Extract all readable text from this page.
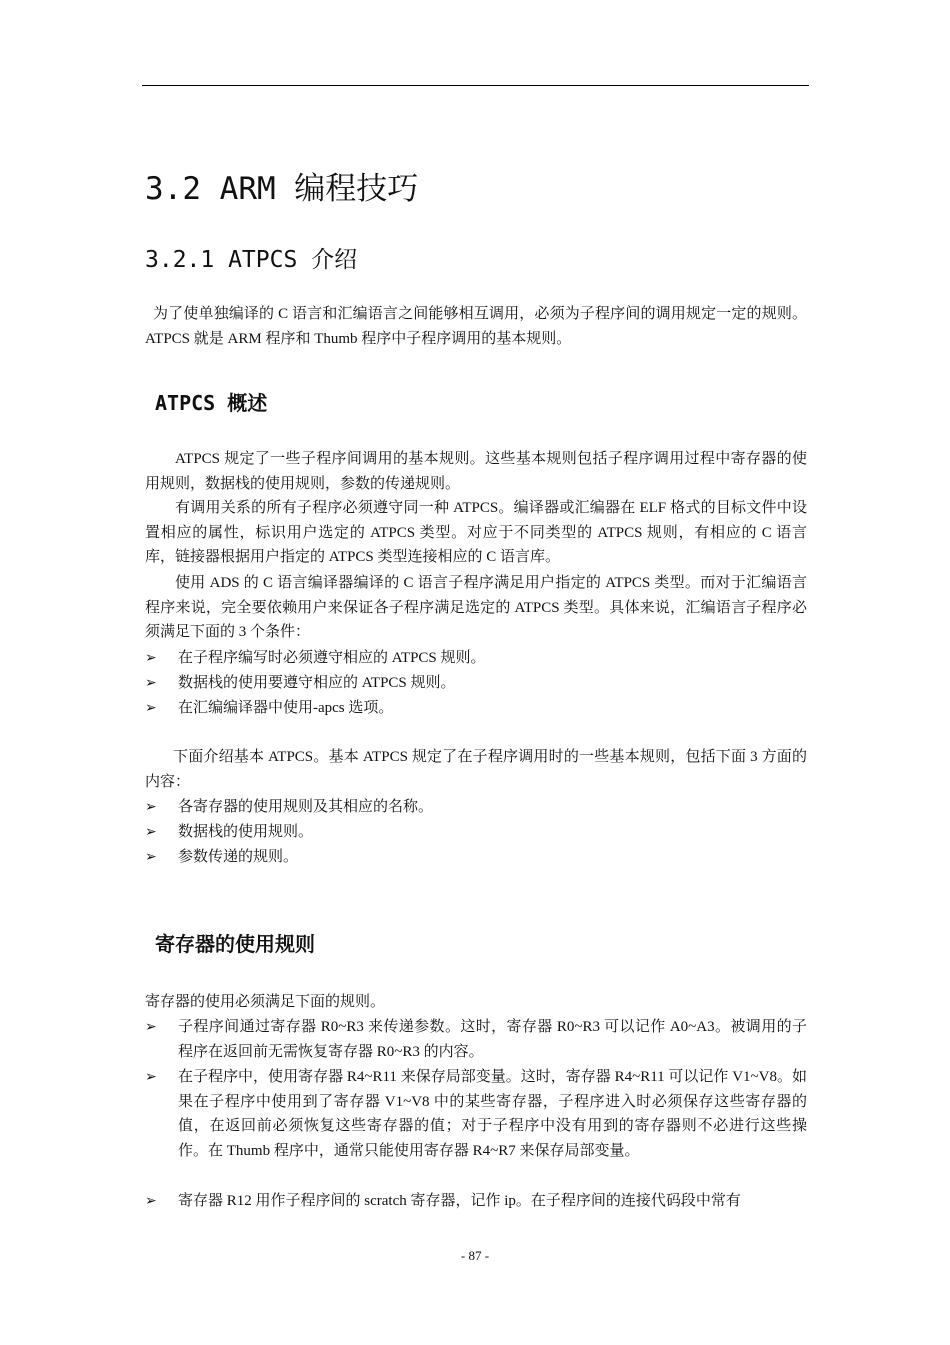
3.2 ARM 编程技巧
3.2.1 ATPCS 介绍

为了使单独编译的 C 语言和汇编语言之间能够相互调用，必须为子程序间的调用规定一定的规则。ATPCS 就是 ARM 程序和 Thumb 程序中子程序调用的基本规则。

ATPCS 概述

ATPCS 规定了一些子程序间调用的基本规则。这些基本规则包括子程序调用过程中寄存器的使用规则，数据栈的使用规则，参数的传递规则。

有调用关系的所有子程序必须遵守同一种 ATPCS。编译器或汇编器在 ELF 格式的目标文件中设置相应的属性，标识用户选定的 ATPCS 类型。对应于不同类型的 ATPCS 规则，有相应的 C 语言库，链接器根据用户指定的 ATPCS 类型连接相应的 C 语言库。

使用 ADS 的 C 语言编译器编译的 C 语言子程序满足用户指定的 ATPCS 类型。而对于汇编语言程序来说，完全要依赖用户来保证各子程序满足选定的 ATPCS 类型。具体来说，汇编语言子程序必须满足下面的 3 个条件：

➢	在子程序编写时必须遵守相应的 ATPCS 规则。
➢	数据栈的使用要遵守相应的 ATPCS 规则。
➢	在汇编编译器中使用-apcs 选项。

下面介绍基本 ATPCS。基本 ATPCS 规定了在子程序调用时的一些基本规则，包括下面 3 方面的内容：

➢	各寄存器的使用规则及其相应的名称。
➢	数据栈的使用规则。
➢	参数传递的规则。
寄存器的使用规则

寄存器的使用必须满足下面的规则。

➢	子程序间通过寄存器 R0~R3 来传递参数。这时，寄存器 R0~R3 可以记作 A0~A3。被调用的子程序在返回前无需恢复寄存器 R0~R3 的内容。
➢	在子程序中，使用寄存器 R4~R11 来保存局部变量。这时，寄存器 R4~R11 可以记作 V1~V8。如果在子程序中使用到了寄存器 V1~V8 中的某些寄存器，子程序进入时必须保存这些寄存器的值，在返回前必须恢复这些寄存器的值；对于子程序中没有用到的寄存器则不必进行这些操作。在 Thumb 程序中，通常只能使用寄存器 R4~R7 来保存局部变量。
➢	寄存器 R12 用作子程序间的 scratch 寄存器，记作 ip。在子程序间的连接代码段中常有
- 87 -
